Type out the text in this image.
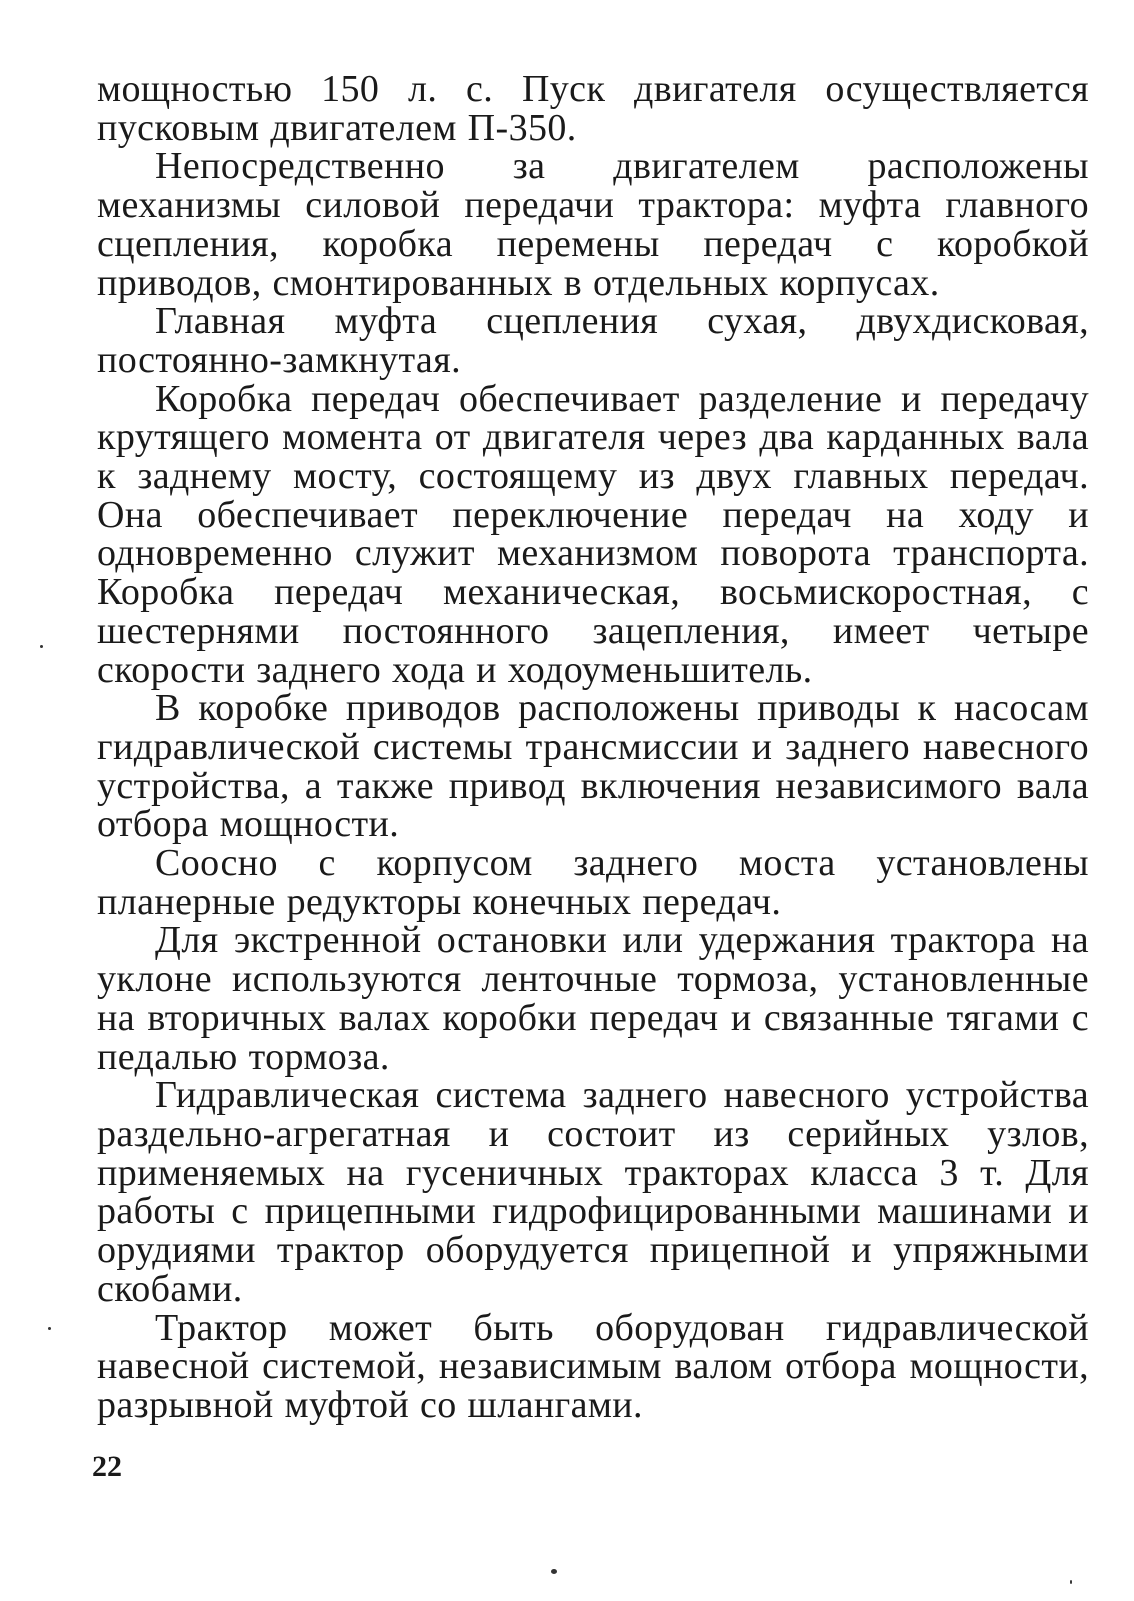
мощностью 150 л. с. Пуск двигателя осуществляется пусковым двигателем П-350.

Непосредственно за двигателем расположены механизмы силовой передачи трактора: муфта главного сцепления, коробка перемены передач с коробкой приводов, смонтированных в отдельных корпусах.

Главная муфта сцепления сухая, двухдисковая, постоянно-замкнутая.

Коробка передач обеспечивает разделение и передачу крутящего момента от двигателя через два карданных вала к заднему мосту, состоящему из двух главных передач. Она обеспечивает переключение передач на ходу и одновременно служит механизмом поворота транспорта. Коробка передач механическая, восьмискоростная, с шестернями постоянного зацепления, имеет четыре скорости заднего хода и ходоуменьшитель.

В коробке приводов расположены приводы к насосам гидравлической системы трансмиссии и заднего навесного устройства, а также привод включения независимого вала отбора мощности.

Соосно с корпусом заднего моста установлены планерные редукторы конечных передач.

Для экстренной остановки или удержания трактора на уклоне используются ленточные тормоза, установленные на вторичных валах коробки передач и связанные тягами с педалью тормоза.

Гидравлическая система заднего навесного устройства раздельно-агрегатная и состоит из серийных узлов, применяемых на гусеничных тракторах класса 3 т. Для работы с прицепными гидрофицированными машинами и орудиями трактор оборудуется прицепной и упряжными скобами.

Трактор может быть оборудован гидравлической навесной системой, независимым валом отбора мощности, разрывной муфтой со шлангами.

22
